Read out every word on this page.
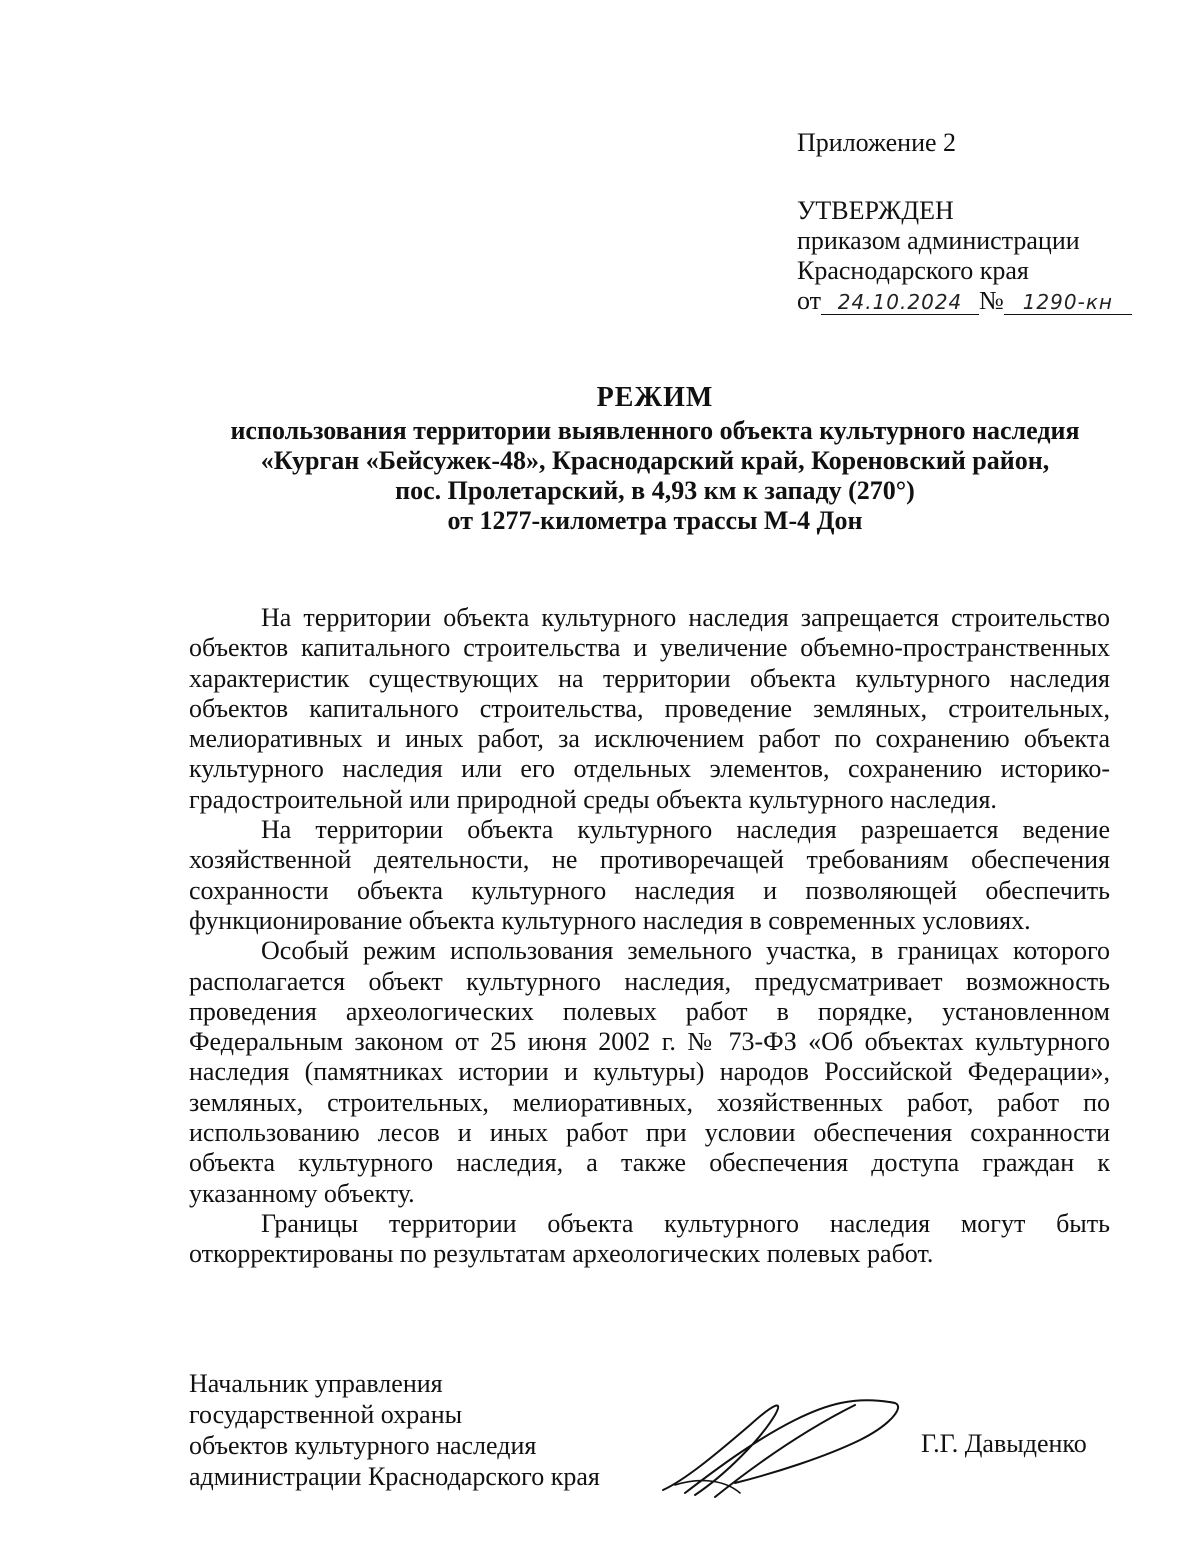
Приложение 2
УТВЕРЖДЕН
приказом администрации
Краснодарского края
от 24.10.2024 № 1290-кн
РЕЖИМ
использования территории выявленного объекта культурного наследия
«Курган «Бейсужек-48», Краснодарский край, Кореновский район,
пос. Пролетарский, в 4,93 км к западу (270°)
от 1277-километра трассы М-4 Дон

На территории объекта культурного наследия запрещается строительство объектов капитального строительства и увеличение объемно-пространственных характеристик существующих на территории объекта культурного наследия объектов капитального строительства, проведение земляных, строительных, мелиоративных и иных работ, за исключением работ по сохранению объекта культурного наследия или его отдельных элементов, сохранению историко-градостроительной или природной среды объекта культурного наследия.

На территории объекта культурного наследия разрешается ведение хозяйственной деятельности, не противоречащей требованиям обеспечения сохранности объекта культурного наследия и позволяющей обеспечить функционирование объекта культурного наследия в современных условиях.

Особый режим использования земельного участка, в границах которого располагается объект культурного наследия, предусматривает возможность проведения археологических полевых работ в порядке, установленном Федеральным законом от 25 июня 2002 г. № 73-ФЗ «Об объектах культурного наследия (памятниках истории и культуры) народов Российской Федерации», земляных, строительных, мелиоративных, хозяйственных работ, работ по использованию лесов и иных работ при условии обеспечения сохранности объекта культурного наследия, а также обеспечения доступа граждан к указанному объекту.

Границы территории объекта культурного наследия могут быть откорректированы по результатам археологических полевых работ.

Начальник управления
государственной охраны
объектов культурного наследия
администрации Краснодарского края
Г.Г. Давыденко
